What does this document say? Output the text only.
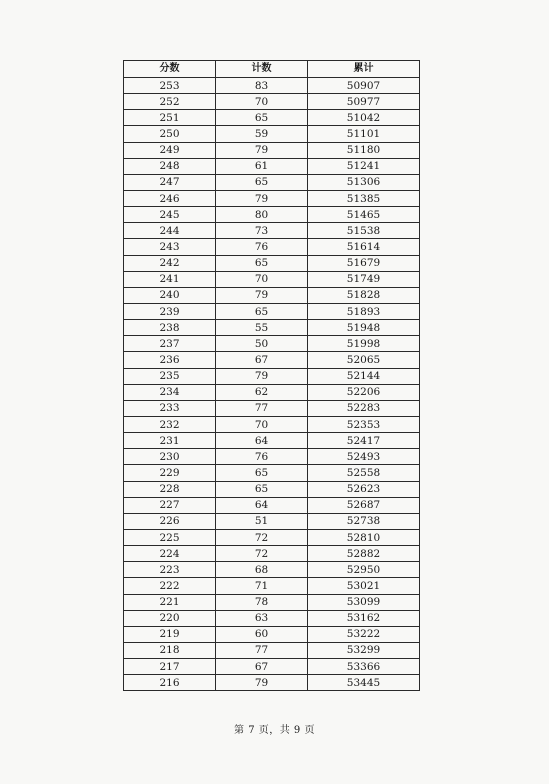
分数	计数	累计
253	83	50907
252	70	50977
251	65	51042
250	59	51101
249	79	51180
248	61	51241
247	65	51306
246	79	51385
245	80	51465
244	73	51538
243	76	51614
242	65	51679
241	70	51749
240	79	51828
239	65	51893
238	55	51948
237	50	51998
236	67	52065
235	79	52144
234	62	52206
233	77	52283
232	70	52353
231	64	52417
230	76	52493
229	65	52558
228	65	52623
227	64	52687
226	51	52738
225	72	52810
224	72	52882
223	68	52950
222	71	53021
221	78	53099
220	63	53162
219	60	53222
218	77	53299
217	67	53366
216	79	53445
第 7 页，共 9 页
